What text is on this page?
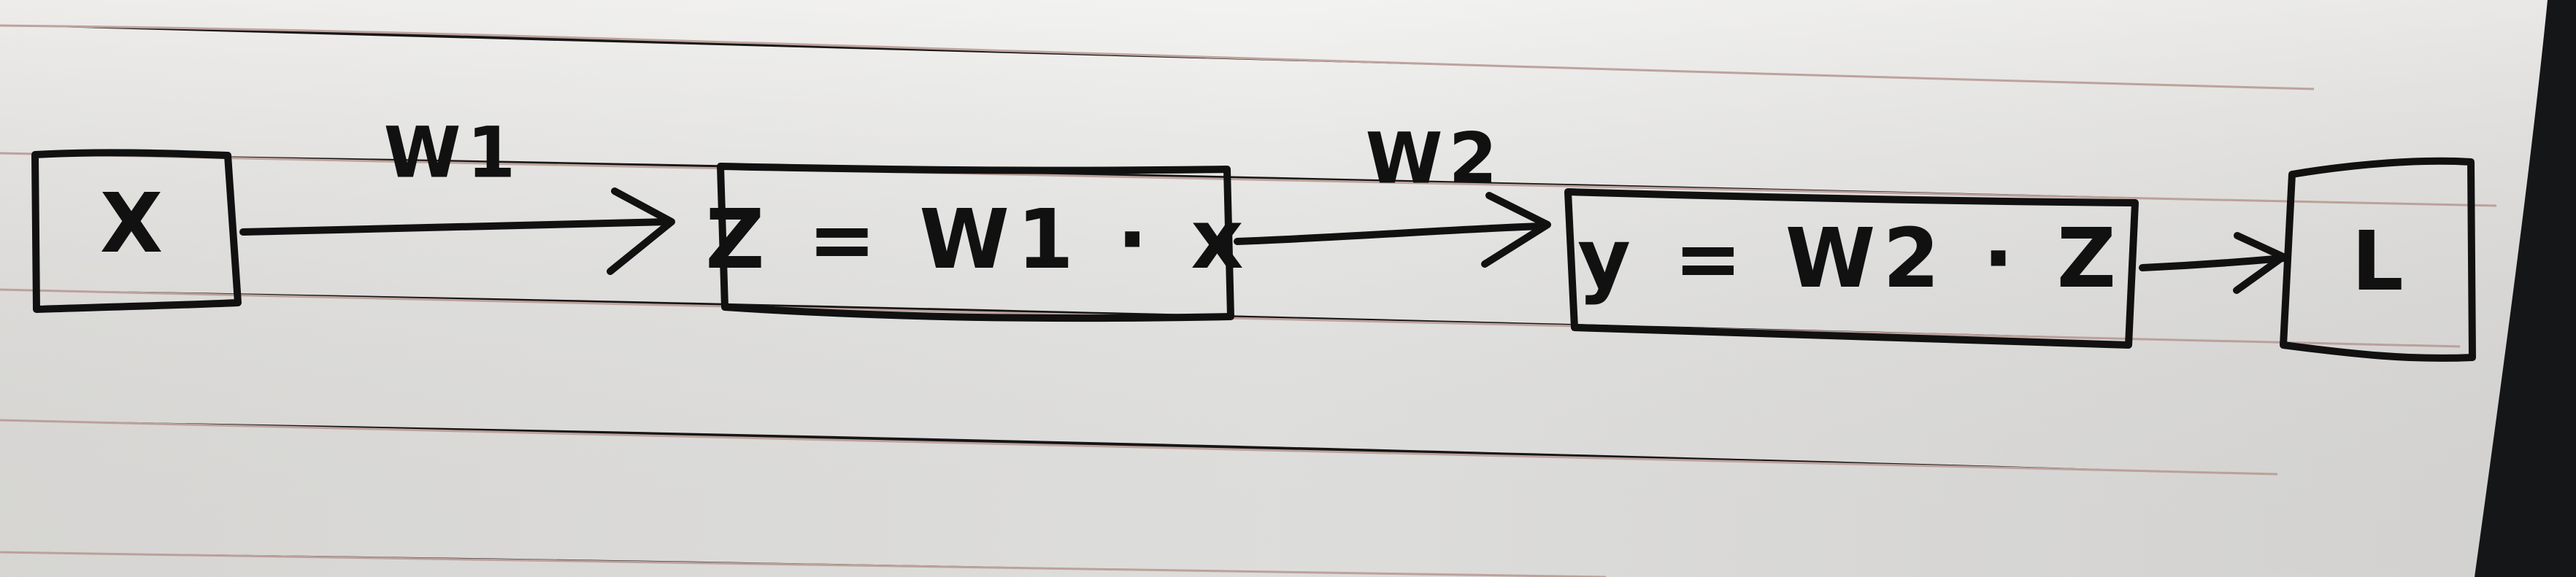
X
W1
Z = W1 · x
W2
y = W2 · Z	L
